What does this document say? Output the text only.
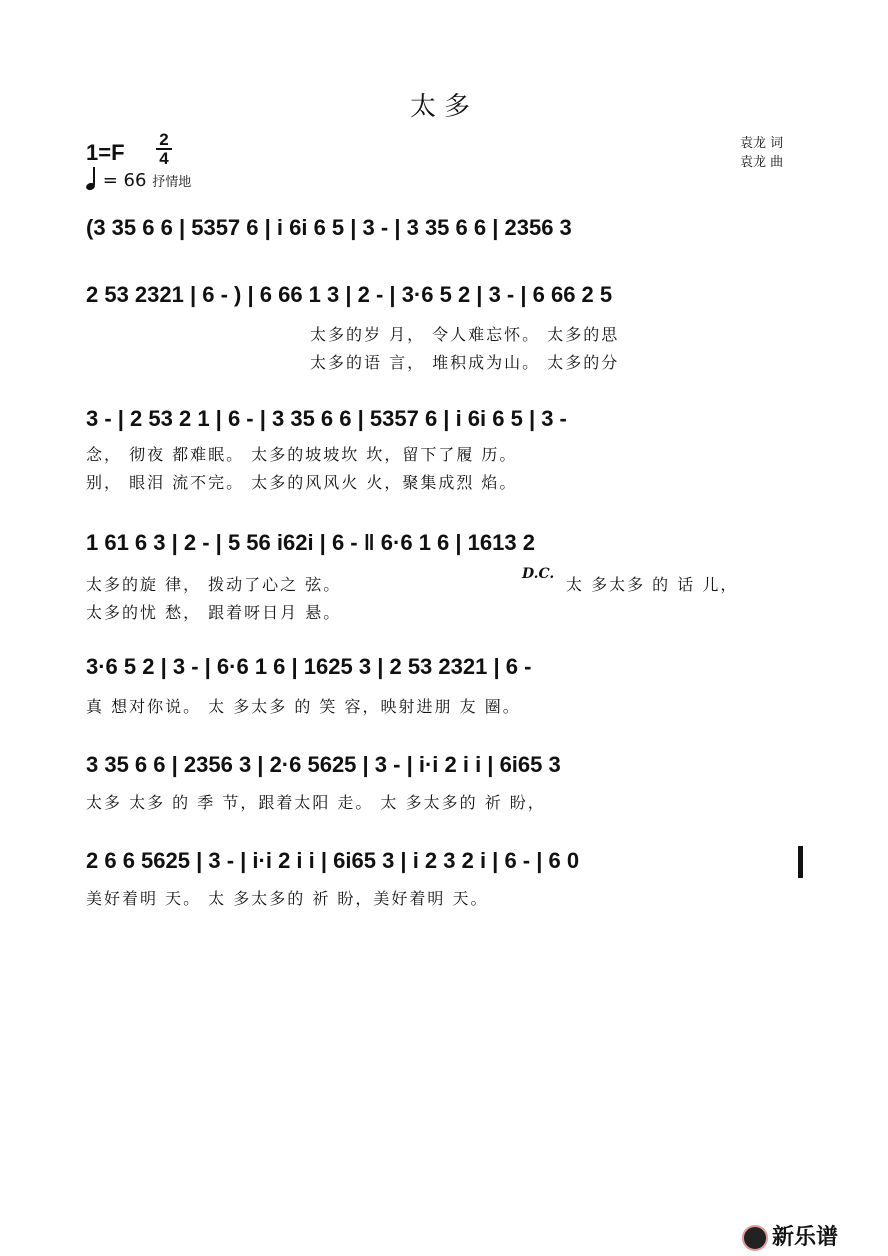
太多
1=F
2
4
= 66 抒情地
袁龙 词
袁龙 曲
(3 35 6 6 | 5357 6 | i 6i 6 5 | 3 - | 3 35 6 6 | 2356 3
2 53 2321 | 6 - ) | 6 66 1 3 | 2 - | 3·6 5 2 | 3 - | 6 66 2 5
太多的岁 月， 令人难忘怀。 太多的思
太多的语 言， 堆积成为山。 太多的分
3 - | 2 53 2 1 | 6 - | 3 35 6 6 | 5357 6 | i 6i 6 5 | 3 -
念， 彻夜 都难眠。 太多的坡坡坎 坎，留下了履 历。
别， 眼泪 流不完。 太多的风风火 火，聚集成烈 焰。
1 61 6 3 | 2 - | 5 56 i62i | 6 - ‖ 6·6 1 6 | 1613 2
太多的旋 律， 拨动了心之 弦。
D.C.
太 多太多 的 话 儿，
太多的忧 愁， 跟着呀日月 悬。
3·6 5 2 | 3 - | 6·6 1 6 | 1625 3 | 2 53 2321 | 6 -
真 想对你说。 太 多太多 的 笑 容，映射进朋 友 圈。
3 35 6 6 | 2356 3 | 2·6 5625 | 3 - | i·i 2 i i | 6i65 3
太多 太多 的 季 节，跟着太阳 走。 太 多太多的 祈 盼，
2 6 6 5625 | 3 - | i·i 2 i i | 6i65 3 | i 2 3 2 i | 6 - | 6 0
美好着明 天。 太 多太多的 祈 盼，美好着明 天。
新乐谱
